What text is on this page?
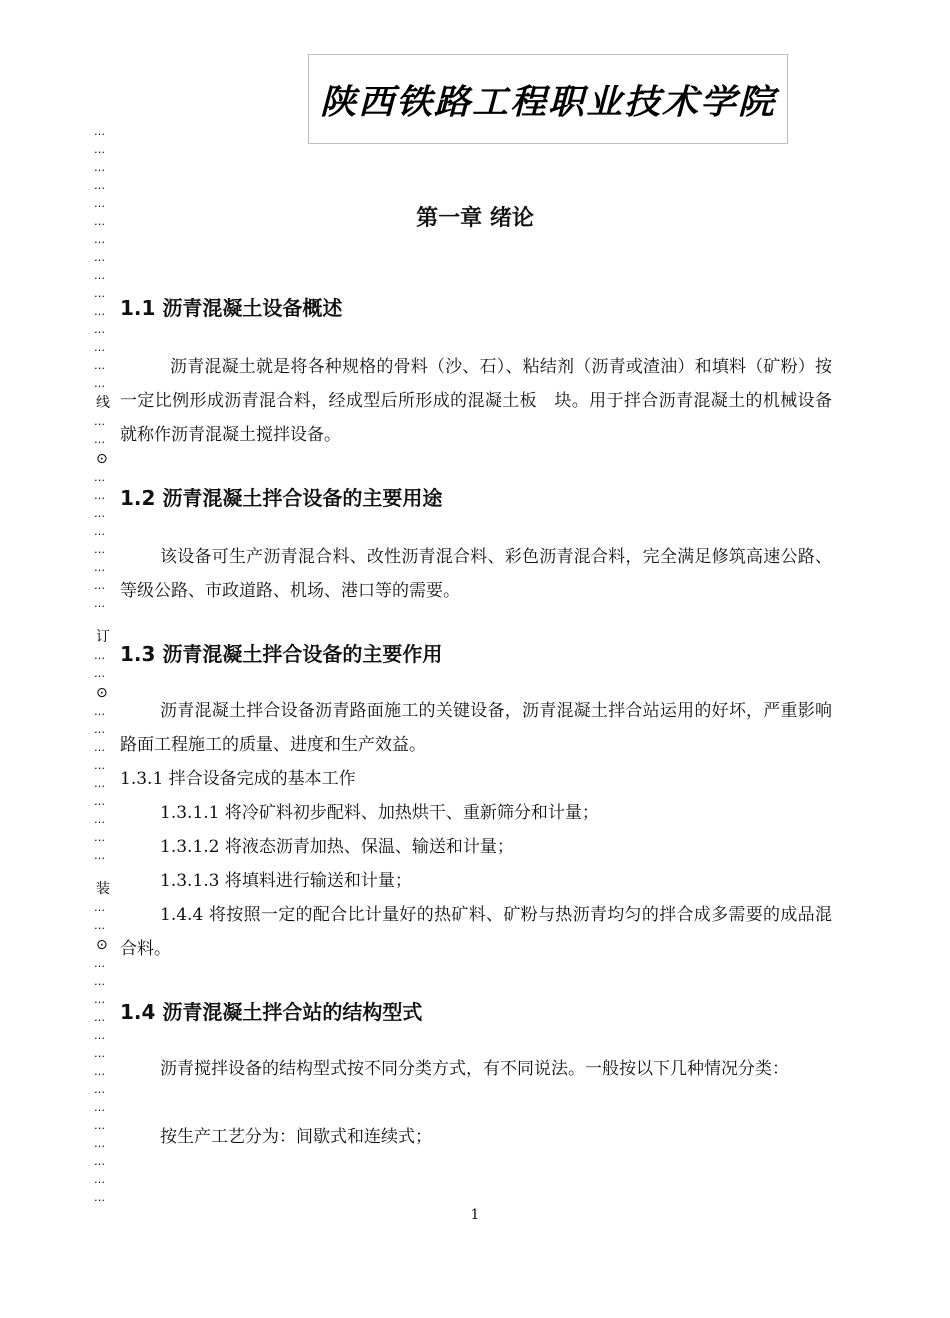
陕西铁路工程职业技术学院
…
…
…
…
…
…
…
…
…
…
…
…
…
…
…
线
…
…
⊙
…
…
…
…
…
…
…
…
订
…
…
⊙
…
…
…
…
…
…
…
…
…
装
…
…
⊙
…
…
…
…
…
…
…
…
…
…
…
…
…
…
第一章 绪论
1.1 沥青混凝土设备概述

沥青混凝土就是将各种规格的骨料（沙、石）、粘结剂（沥青或渣油）和填料（矿粉）按一定比例形成沥青混合料，经成型后所形成的混凝土板　块。用于拌合沥青混凝土的机械设备就称作沥青混凝土搅拌设备。

1.2 沥青混凝土拌合设备的主要用途

该设备可生产沥青混合料、改性沥青混合料、彩色沥青混合料，完全满足修筑高速公路、等级公路、市政道路、机场、港口等的需要。

1.3 沥青混凝土拌合设备的主要作用

沥青混凝土拌合设备沥青路面施工的关键设备，沥青混凝土拌合站运用的好坏，严重影响路面工程施工的质量、进度和生产效益。

1.3.1 拌合设备完成的基本工作

1.3.1.1 将冷矿料初步配料、加热烘干、重新筛分和计量；

1.3.1.2 将液态沥青加热、保温、输送和计量；

1.3.1.3 将填料进行输送和计量；

1.4.4 将按照一定的配合比计量好的热矿料、矿粉与热沥青均匀的拌合成多需要的成品混合料。

1.4 沥青混凝土拌合站的结构型式

沥青搅拌设备的结构型式按不同分类方式，有不同说法。一般按以下几种情况分类：

按生产工艺分为：间歇式和连续式；

1
